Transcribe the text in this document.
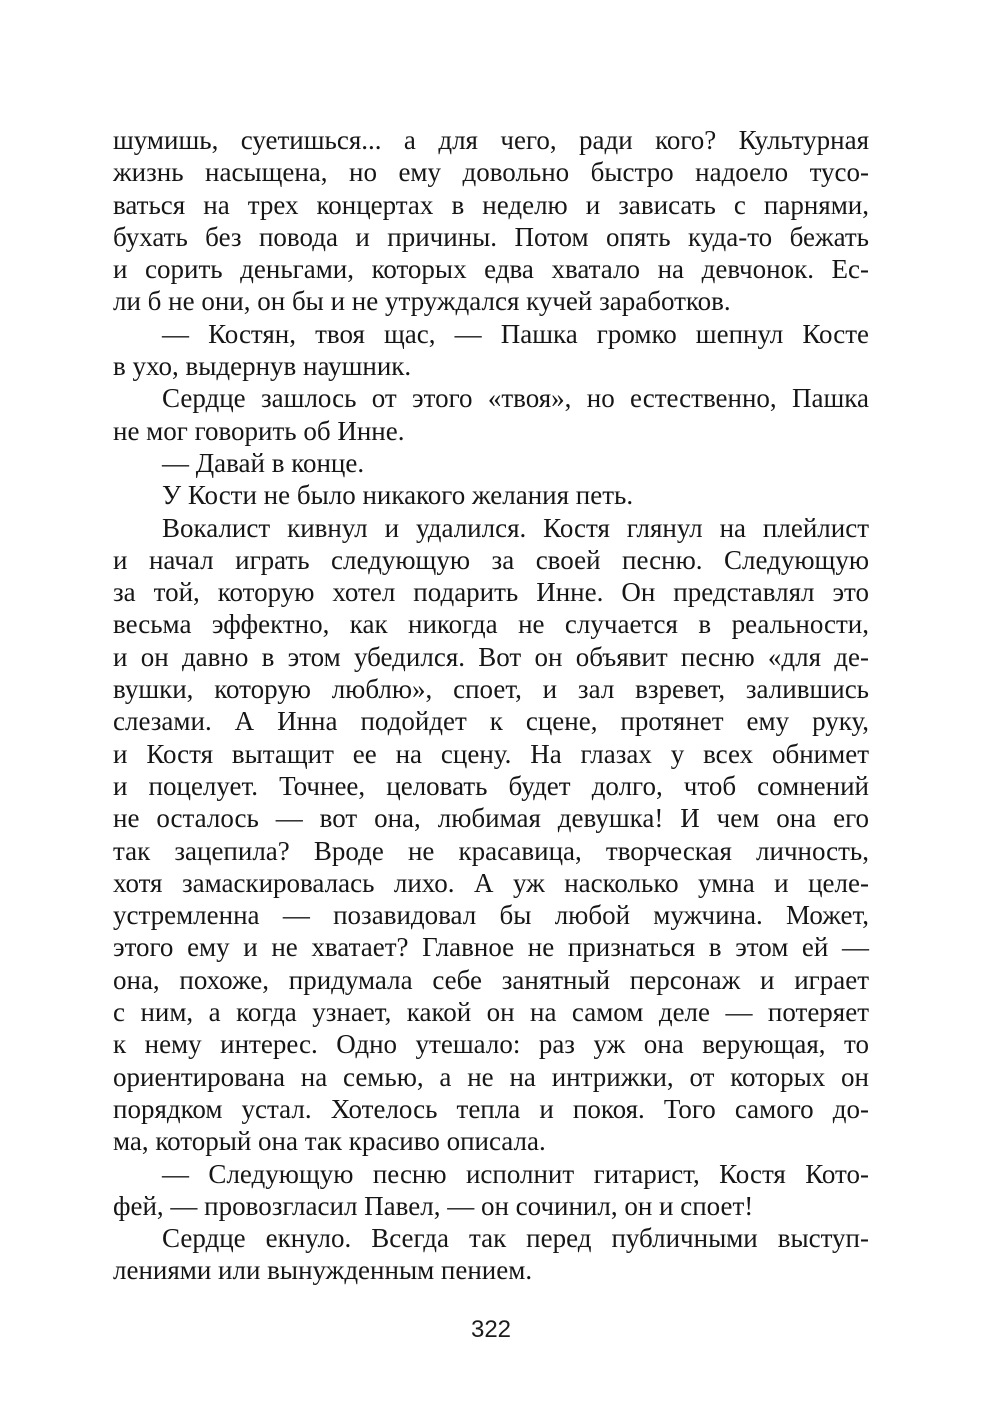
шумишь, суетишься... а для чего, ради кого? Культурная
жизнь насыщена, но ему довольно быстро надоело тусо-
ваться на трех концертах в неделю и зависать с парнями,
бухать без повода и причины. Потом опять куда-то бежать
и сорить деньгами, которых едва хватало на девчонок. Ес-
ли б не они, он бы и не утруждался кучей заработков.
— Костян, твоя щас, — Пашка громко шепнул Косте
в ухо, выдернув наушник.
Сердце зашлось от этого «твоя», но естественно, Пашка
не мог говорить об Инне.
— Давай в конце.
У Кости не было никакого желания петь.
Вокалист кивнул и удалился. Костя глянул на плейлист
и начал играть следующую за своей песню. Следующую
за той, которую хотел подарить Инне. Он представлял это
весьма эффектно, как никогда не случается в реальности,
и он давно в этом убедился. Вот он объявит песню «для де-
вушки, которую люблю», споет, и зал взревет, залившись
слезами. А Инна подойдет к сцене, протянет ему руку,
и Костя вытащит ее на сцену. На глазах у всех обнимет
и поцелует. Точнее, целовать будет долго, чтоб сомнений
не осталось — вот она, любимая девушка! И чем она его
так зацепила? Вроде не красавица, творческая личность,
хотя замаскировалась лихо. А уж насколько умна и целе-
устремленна — позавидовал бы любой мужчина. Может,
этого ему и не хватает? Главное не признаться в этом ей —
она, похоже, придумала себе занятный персонаж и играет
с ним, а когда узнает, какой он на самом деле — потеряет
к нему интерес. Одно утешало: раз уж она верующая, то
ориентирована на семью, а не на интрижки, от которых он
порядком устал. Хотелось тепла и покоя. Того самого до-
ма, который она так красиво описала.
— Следующую песню исполнит гитарист, Костя Кото-
фей, — провозгласил Павел, — он сочинил, он и споет!
Сердце екнуло. Всегда так перед публичными выступ-
лениями или вынужденным пением.
322
